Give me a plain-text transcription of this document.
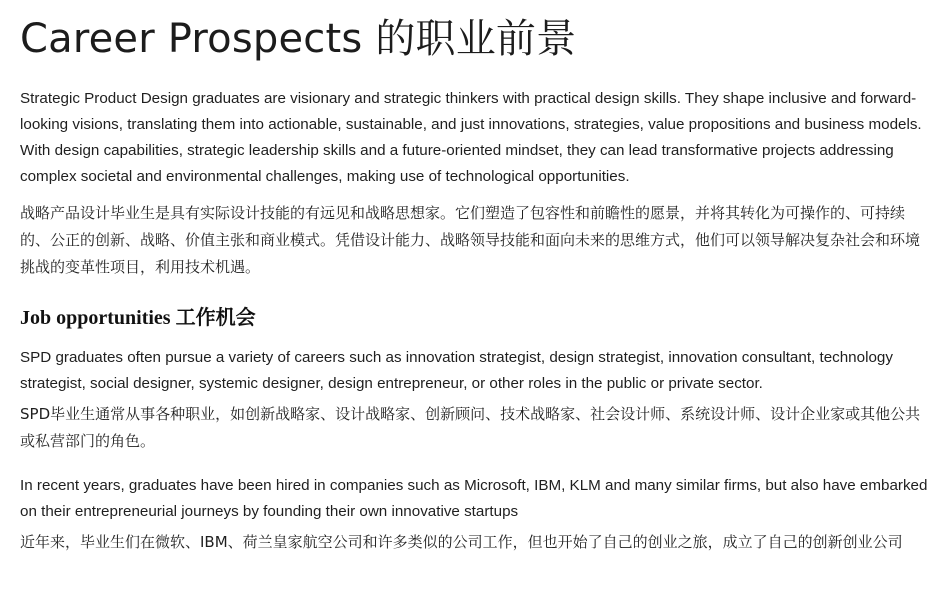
Career Prospects 的职业前景

Strategic Product Design graduates are visionary and strategic thinkers with practical design skills. They shape inclusive and forward-looking visions, translating them into actionable, sustainable, and just innovations, strategies, value propositions and business models. With design capabilities, strategic leadership skills and a future-oriented mindset, they can lead transformative projects addressing complex societal and environmental challenges, making use of technological opportunities.

战略产品设计毕业生是具有实际设计技能的有远见和战略思想家。它们塑造了包容性和前瞻性的愿景，并将其转化为可操作的、可持续的、公正的创新、战略、价值主张和商业模式。凭借设计能力、战略领导技能和面向未来的思维方式，他们可以领导解决复杂社会和环境挑战的变革性项目，利用技术机遇。

Job opportunities 工作机会

SPD graduates often pursue a variety of careers such as innovation strategist, design strategist, innovation consultant, technology strategist, social designer, systemic designer, design entrepreneur, or other roles in the public or private sector.

SPD毕业生通常从事各种职业，如创新战略家、设计战略家、创新顾问、技术战略家、社会设计师、系统设计师、设计企业家或其他公共或私营部门的角色。

In recent years, graduates have been hired in companies such as Microsoft, IBM, KLM and many similar firms, but also have embarked on their entrepreneurial journeys by founding their own innovative startups

近年来，毕业生们在微软、IBM、荷兰皇家航空公司和许多类似的公司工作，但也开始了自己的创业之旅，成立了自己的创新创业公司
